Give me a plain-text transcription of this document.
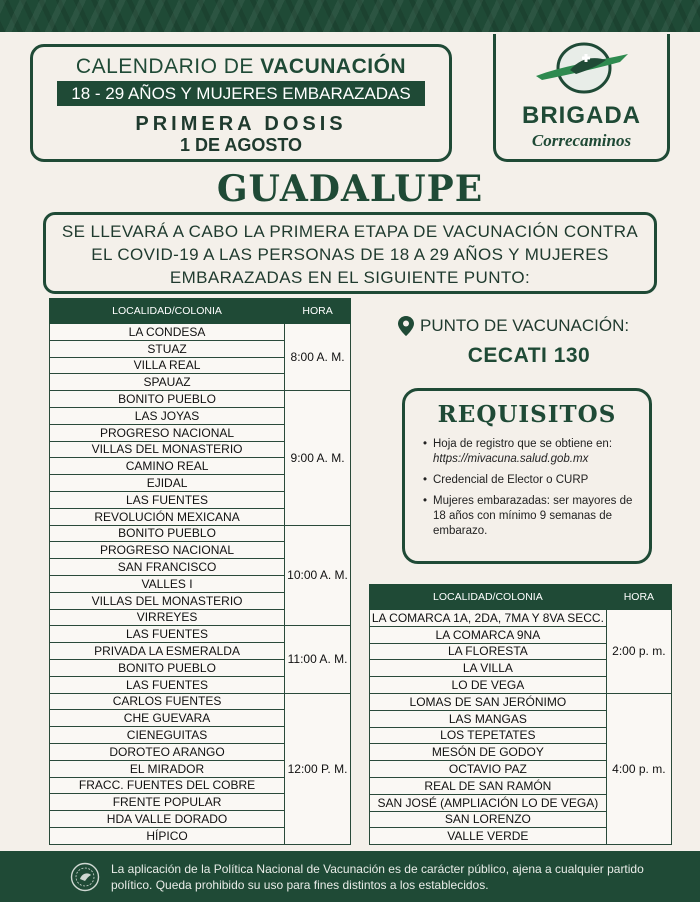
CALENDARIO DE VACUNACIÓN
18 - 29 AÑOS Y MUJERES EMBARAZADAS
PRIMERA DOSIS
1 DE AGOSTO
BRIGADA
Correcaminos
GUADALUPE
SE LLEVARÁ A CABO LA PRIMERA ETAPA DE VACUNACIÓN CONTRA EL COVID-19 A LAS PERSONAS DE 18 A 29 AÑOS Y MUJERES EMBARAZADAS EN EL SIGUIENTE PUNTO:
LOCALIDAD/COLONIA	HORA
LA CONDESA	8:00 A. M.
STUAZ	
VILLA REAL	
SPAUAZ	
BONITO PUEBLO	9:00 A. M.
LAS JOYAS	
PROGRESO NACIONAL	
VILLAS DEL MONASTERIO	
CAMINO REAL	
EJIDAL	
LAS FUENTES	
REVOLUCIÓN MEXICANA	
BONITO PUEBLO	10:00 A. M.
PROGRESO NACIONAL	
SAN FRANCISCO	
VALLES I	
VILLAS DEL MONASTERIO	
VIRREYES	
LAS FUENTES	11:00 A. M.
PRIVADA LA ESMERALDA	
BONITO PUEBLO	
LAS FUENTES	
CARLOS FUENTES	12:00 P. M.
CHE GUEVARA	
CIENEGUITAS	
DOROTEO ARANGO	
EL MIRADOR	
FRACC. FUENTES DEL COBRE	
FRENTE POPULAR	
HDA VALLE DORADO	
HÍPICO	
PUNTO DE VACUNACIÓN:
CECATI 130
REQUISITOS
• Hoja de registro que se obtiene en: https://mivacuna.salud.gob.mx
• Credencial de Elector o CURP
• Mujeres embarazadas: ser mayores de 18 años con mínimo 9 semanas de embarazo.
LOCALIDAD/COLONIA	HORA
LA COMARCA 1A, 2DA, 7MA Y 8VA SECC.	2:00 p. m.
LA COMARCA 9NA	
LA FLORESTA	
LA VILLA	
LO DE VEGA	
LOMAS DE SAN JERÓNIMO	4:00 p. m.
LAS MANGAS	
LOS TEPETATES	
MESÓN DE GODOY	
OCTAVIO PAZ	
REAL DE SAN RAMÓN	
SAN JOSÉ (AMPLIACIÓN LO DE VEGA)	
SAN LORENZO	
VALLE VERDE	
La aplicación de la Política Nacional de Vacunación es de carácter público, ajena a cualquier partido político. Queda prohibido su uso para fines distintos a los establecidos.
